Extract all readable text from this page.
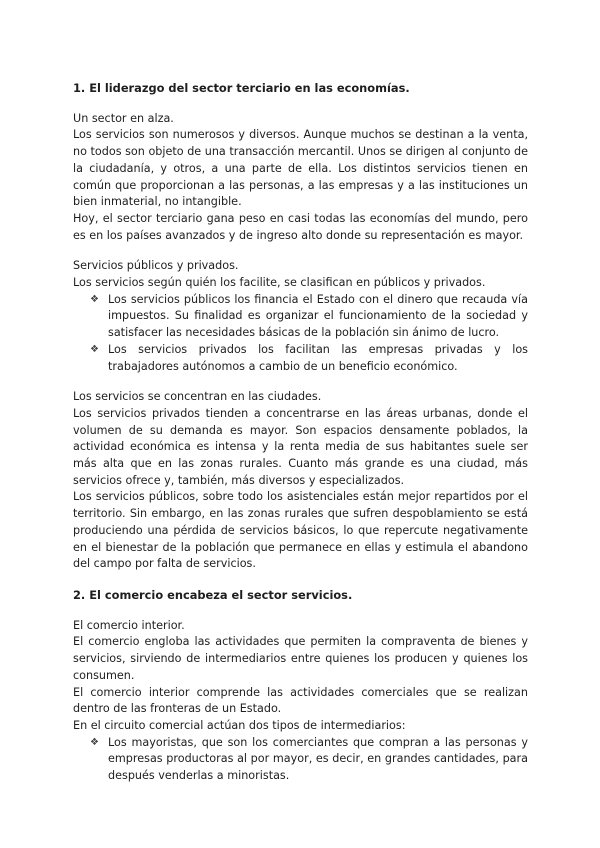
1. El liderazgo del sector terciario en las economías.

Un sector en alza.

Los servicios son numerosos y diversos. Aunque muchos se destinan a la venta, no todos son objeto de una transacción mercantil. Unos se dirigen al conjunto de la ciudadanía, y otros, a una parte de ella. Los distintos servicios tienen en común que proporcionan a las personas, a las empresas y a las instituciones un bien inmaterial, no intangible.

Hoy, el sector terciario gana peso en casi todas las economías del mundo, pero es en los países avanzados y de ingreso alto donde su representación es mayor.

Servicios públicos y privados.

Los servicios según quién los facilite, se clasifican en públicos y privados.

❖ Los servicios públicos los financia el Estado con el dinero que recauda vía impuestos. Su finalidad es organizar el funcionamiento de la sociedad y satisfacer las necesidades básicas de la población sin ánimo de lucro.
❖ Los servicios privados los facilitan las empresas privadas y los trabajadores autónomos a cambio de un beneficio económico.

Los servicios se concentran en las ciudades.

Los servicios privados tienden a concentrarse en las áreas urbanas, donde el volumen de su demanda es mayor. Son espacios densamente poblados, la actividad económica es intensa y la renta media de sus habitantes suele ser más alta que en las zonas rurales. Cuanto más grande es una ciudad, más servicios ofrece y, también, más diversos y especializados.

Los servicios públicos, sobre todo los asistenciales están mejor repartidos por el territorio. Sin embargo, en las zonas rurales que sufren despoblamiento se está produciendo una pérdida de servicios básicos, lo que repercute negativamente en el bienestar de la población que permanece en ellas y estimula el abandono del campo por falta de servicios.

2. El comercio encabeza el sector servicios.

El comercio interior.

El comercio engloba las actividades que permiten la compraventa de bienes y servicios, sirviendo de intermediarios entre quienes los producen y quienes los consumen.

El comercio interior comprende las actividades comerciales que se realizan dentro de las fronteras de un Estado.

En el circuito comercial actúan dos tipos de intermediarios:

❖ Los mayoristas, que son los comerciantes que compran a las personas y empresas productoras al por mayor, es decir, en grandes cantidades, para después venderlas a minoristas.
